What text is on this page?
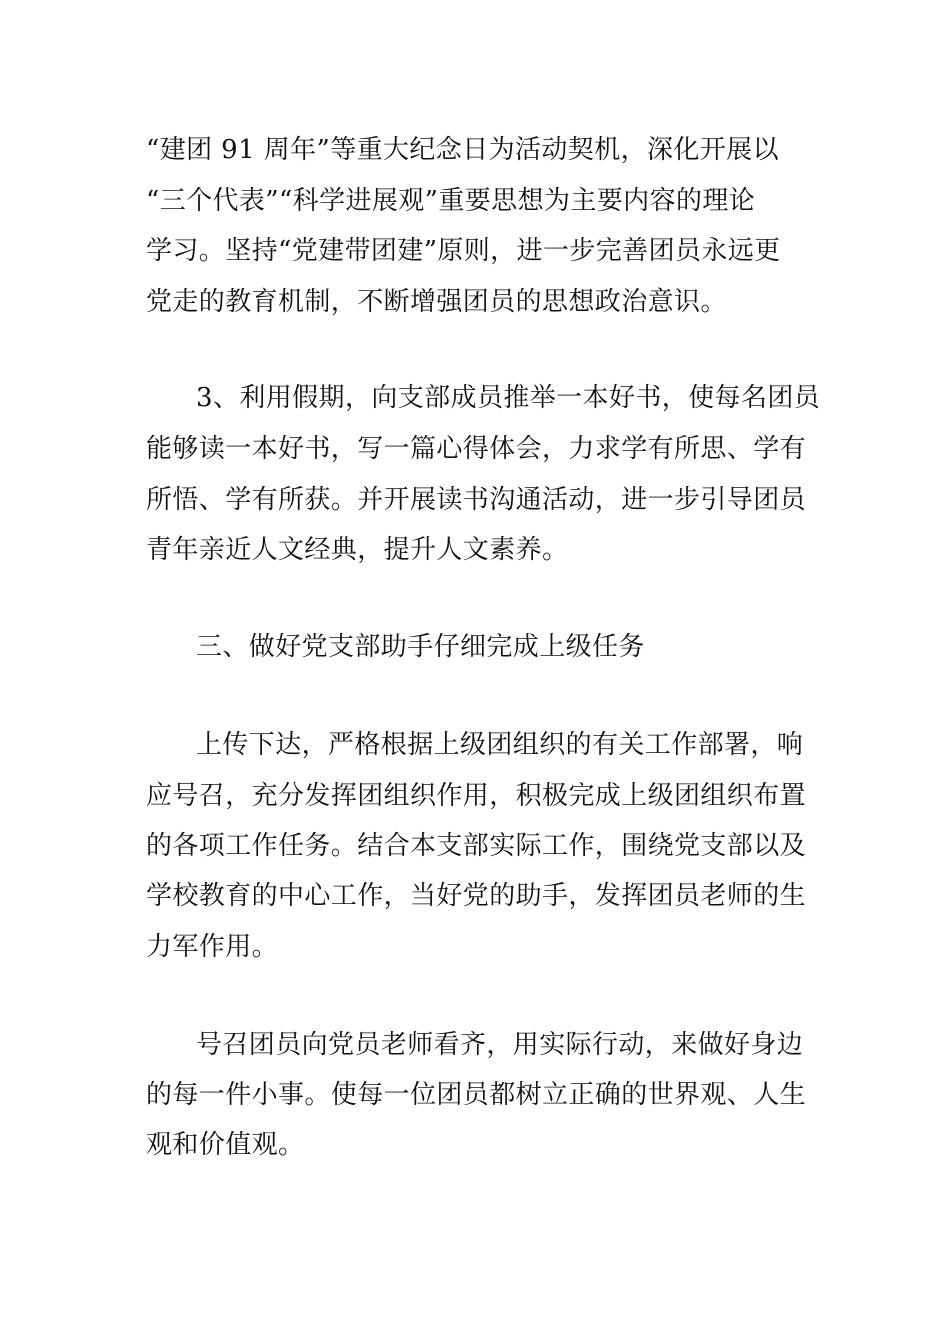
“建团 91 周年”等重大纪念日为活动契机，深化开展以
“三个代表”“科学进展观”重要思想为主要内容的理论
学习。坚持“党建带团建”原则，进一步完善团员永远更
党走的教育机制，不断增强团员的思想政治意识。
3、利用假期，向支部成员推举一本好书，使每名团员
能够读一本好书，写一篇心得体会，力求学有所思、学有
所悟、学有所获。并开展读书沟通活动，进一步引导团员
青年亲近人文经典，提升人文素养。
三、做好党支部助手仔细完成上级任务
上传下达，严格根据上级团组织的有关工作部署，响
应号召，充分发挥团组织作用，积极完成上级团组织布置
的各项工作任务。结合本支部实际工作，围绕党支部以及
学校教育的中心工作，当好党的助手，发挥团员老师的生
力军作用。
号召团员向党员老师看齐，用实际行动，来做好身边
的每一件小事。使每一位团员都树立正确的世界观、人生
观和价值观。
